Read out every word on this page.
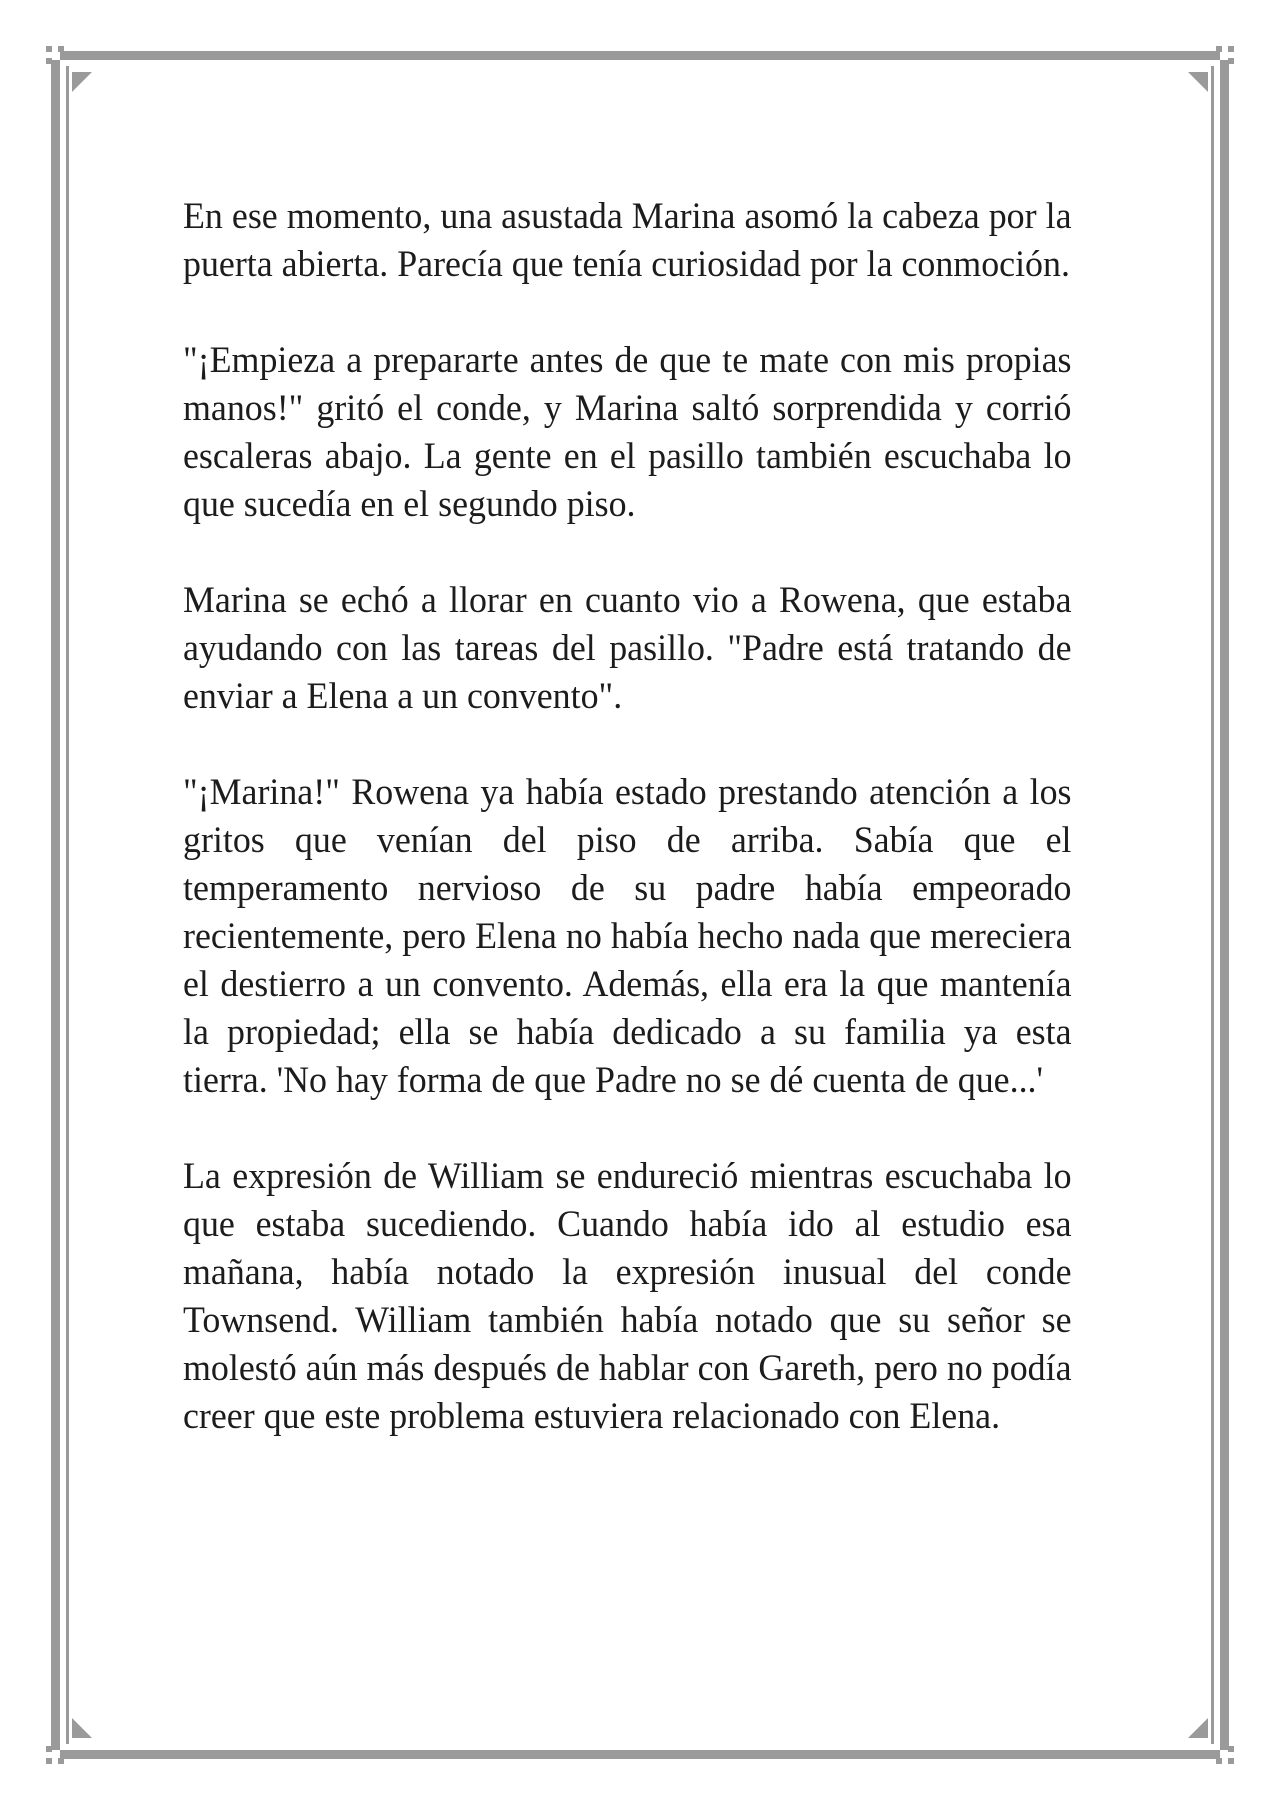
En ese momento, una asustada Marina asomó la cabeza por la puerta abierta. Parecía que tenía curiosidad por la conmoción.

"¡Empieza a prepararte antes de que te mate con mis propias manos!" gritó el conde, y Marina saltó sorprendida y corrió escaleras abajo. La gente en el pasillo también escuchaba lo que sucedía en el segundo piso.

Marina se echó a llorar en cuanto vio a Rowena, que estaba ayudando con las tareas del pasillo. "Padre está tratando de enviar a Elena a un convento".

"¡Marina!" Rowena ya había estado prestando atención a los gritos que venían del piso de arriba. Sabía que el temperamento nervioso de su padre había empeorado recientemente, pero Elena no había hecho nada que mereciera el destierro a un convento. Además, ella era la que mantenía la propiedad; ella se había dedicado a su familia ya esta tierra. 'No hay forma de que Padre no se dé cuenta de que...'

La expresión de William se endureció mientras escuchaba lo que estaba sucediendo. Cuando había ido al estudio esa mañana, había notado la expresión inusual del conde Townsend. William también había notado que su señor se molestó aún más después de hablar con Gareth, pero no podía creer que este problema estuviera relacionado con Elena.
